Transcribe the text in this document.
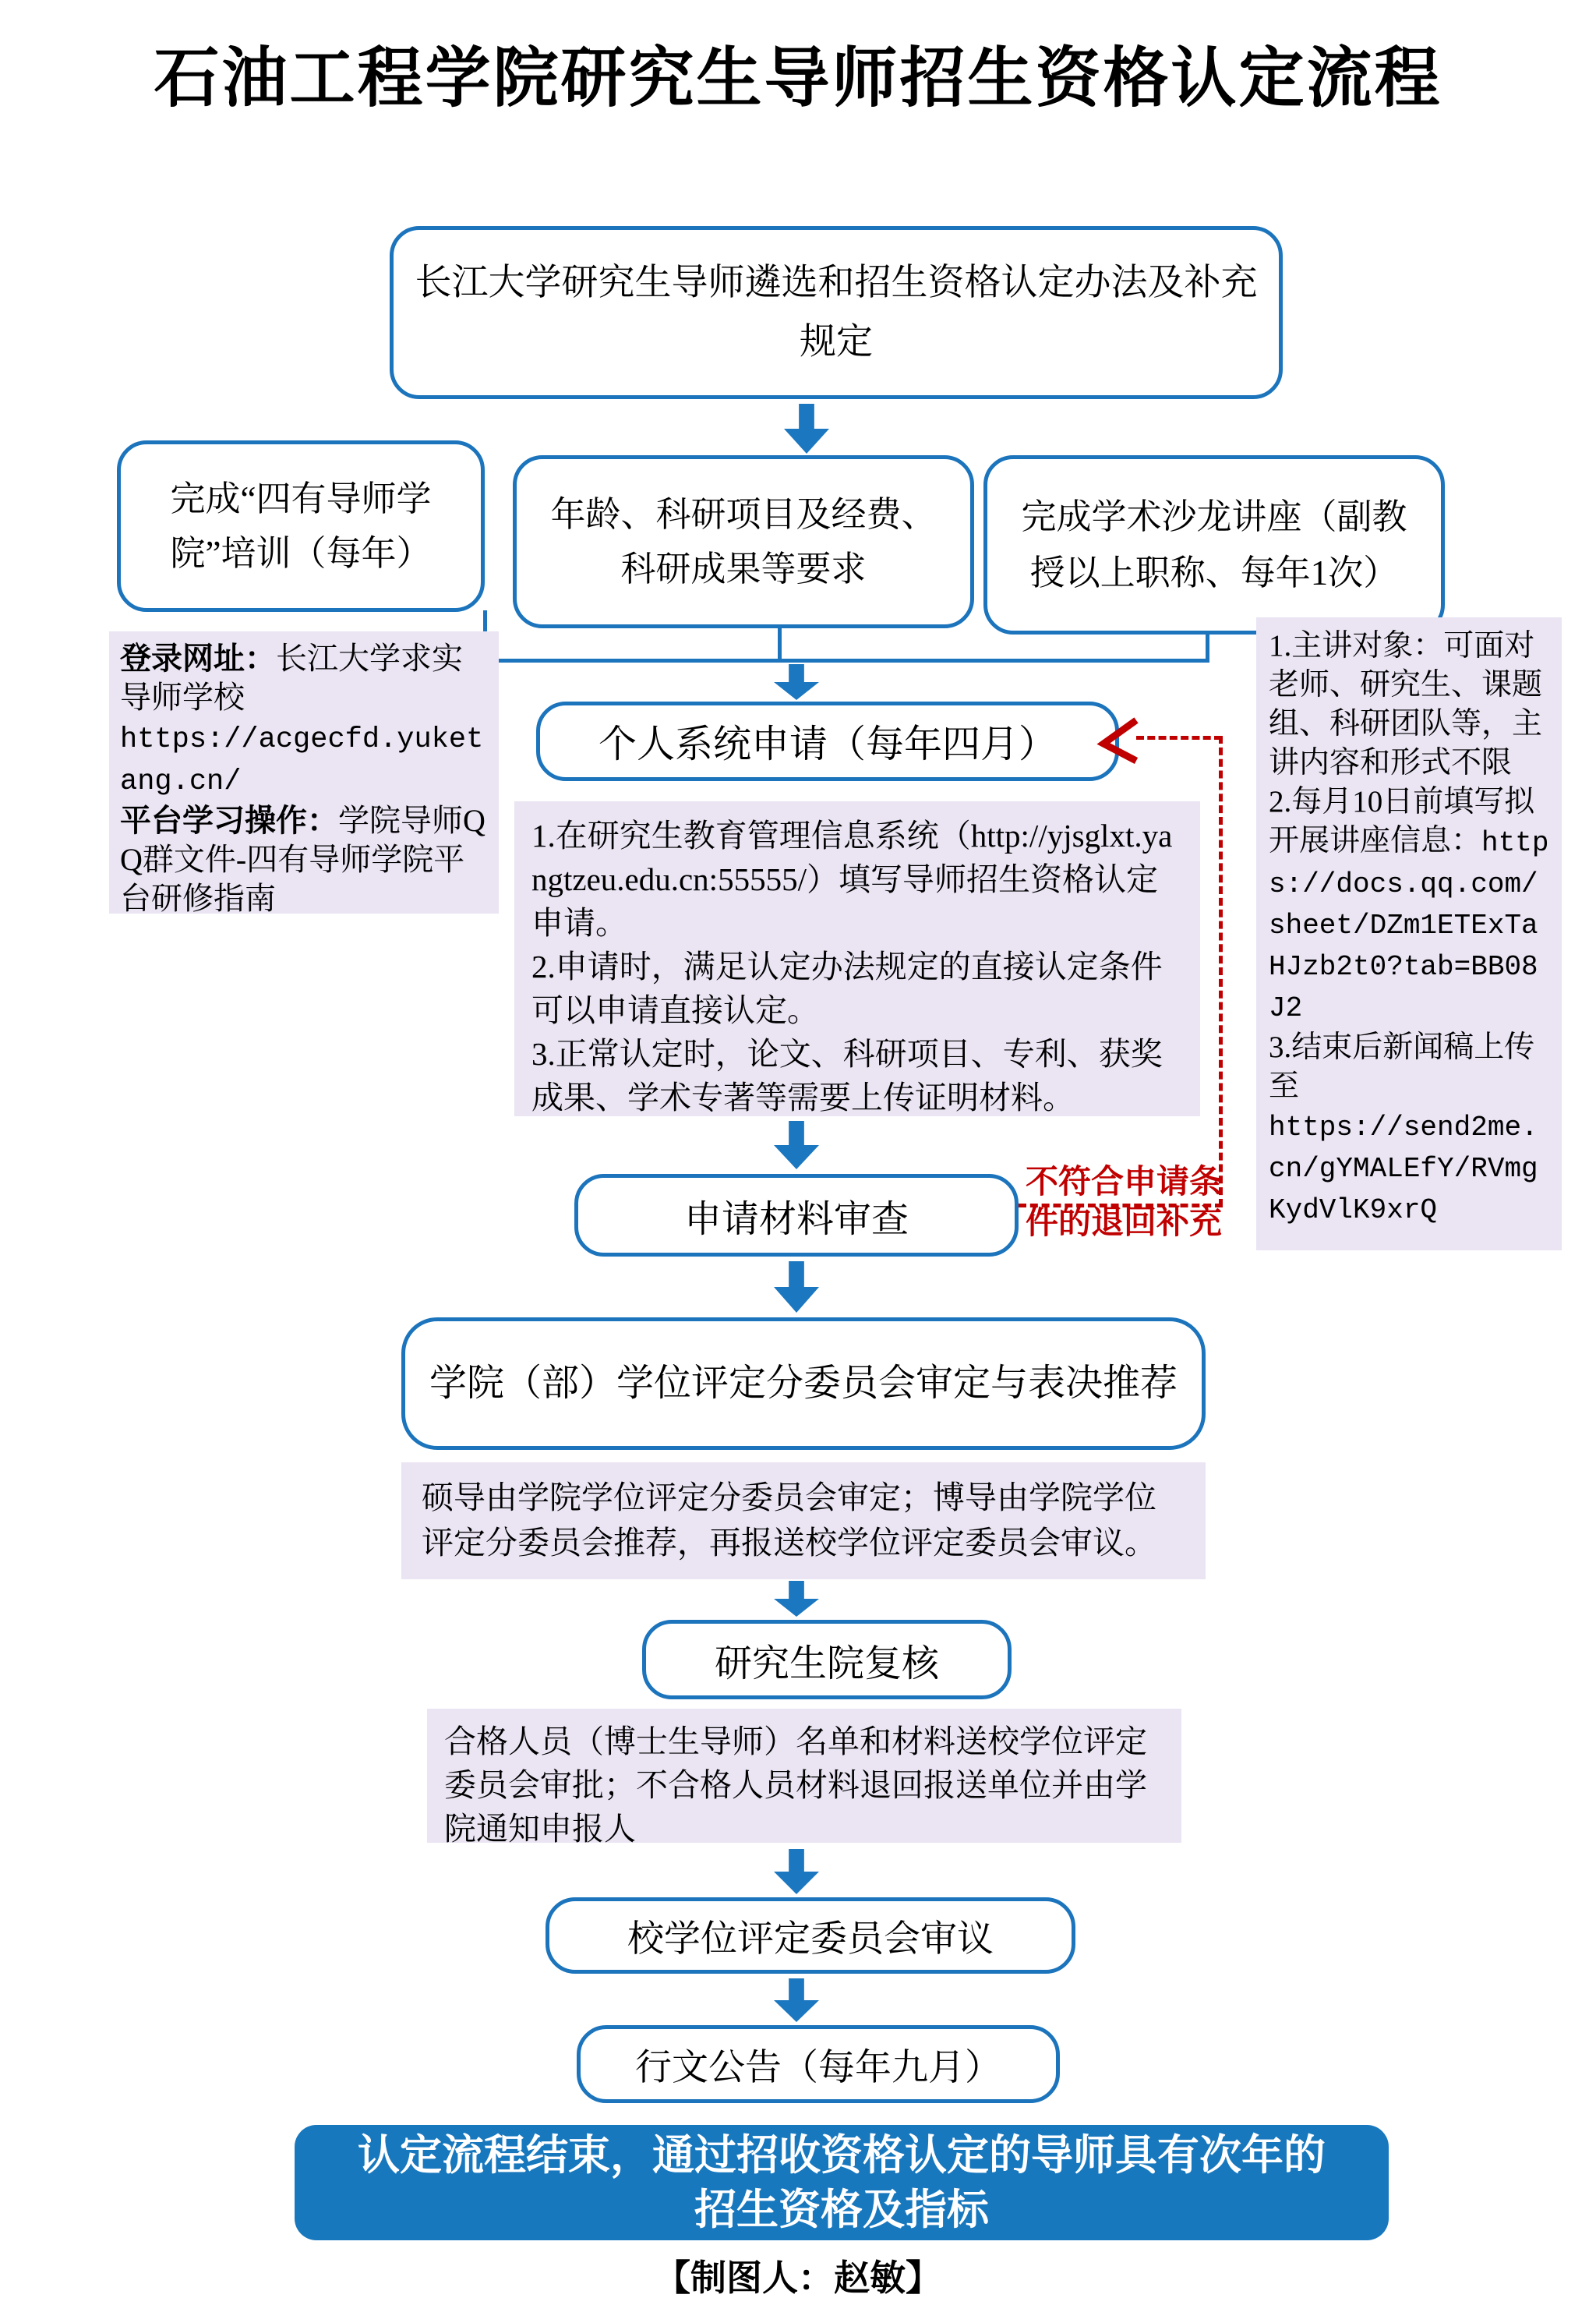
石油工程学院研究生导师招生资格认定流程
长江大学研究生导师遴选和招生资格认定办法及补充规定
完成“四有导师学院”培训（每年）
年龄、科研项目及经费、科研成果等要求
完成学术沙龙讲座（副教授以上职称、每年1次）
登录网址：长江大学求实导师学校
https://acgecfd.yuketang.cn/
平台学习操作：学院导师QQ群文件-四有导师学院平台研修指南
1.主讲对象：可面对老师、研究生、课题组、科研团队等，主讲内容和形式不限
2.每月10日前填写拟开展讲座信息：https://docs.qq.com/sheet/DZm1ETExTaHJzb2t0?tab=BB08J2
3.结束后新闻稿上传至
https://send2me.cn/gYMALEfY/RVmgKydVlK9xrQ
个人系统申请（每年四月）
1.在研究生教育管理信息系统（http://yjsglxt.yangtzeu.edu.cn:55555/）填写导师招生资格认定申请。
2.申请时，满足认定办法规定的直接认定条件可以申请直接认定。
3.正常认定时，论文、科研项目、专利、获奖成果、学术专著等需要上传证明材料。
不符合申请条件的退回补充
申请材料审查
学院（部）学位评定分委员会审定与表决推荐
硕导由学院学位评定分委员会审定；博导由学院学位评定分委员会推荐，再报送校学位评定委员会审议。
研究生院复核
合格人员（博士生导师）名单和材料送校学位评定委员会审批；不合格人员材料退回报送单位并由学院通知申报人
校学位评定委员会审议
行文公告（每年九月）
认定流程结束，通过招收资格认定的导师具有次年的招生资格及指标
【制图人：赵敏】
